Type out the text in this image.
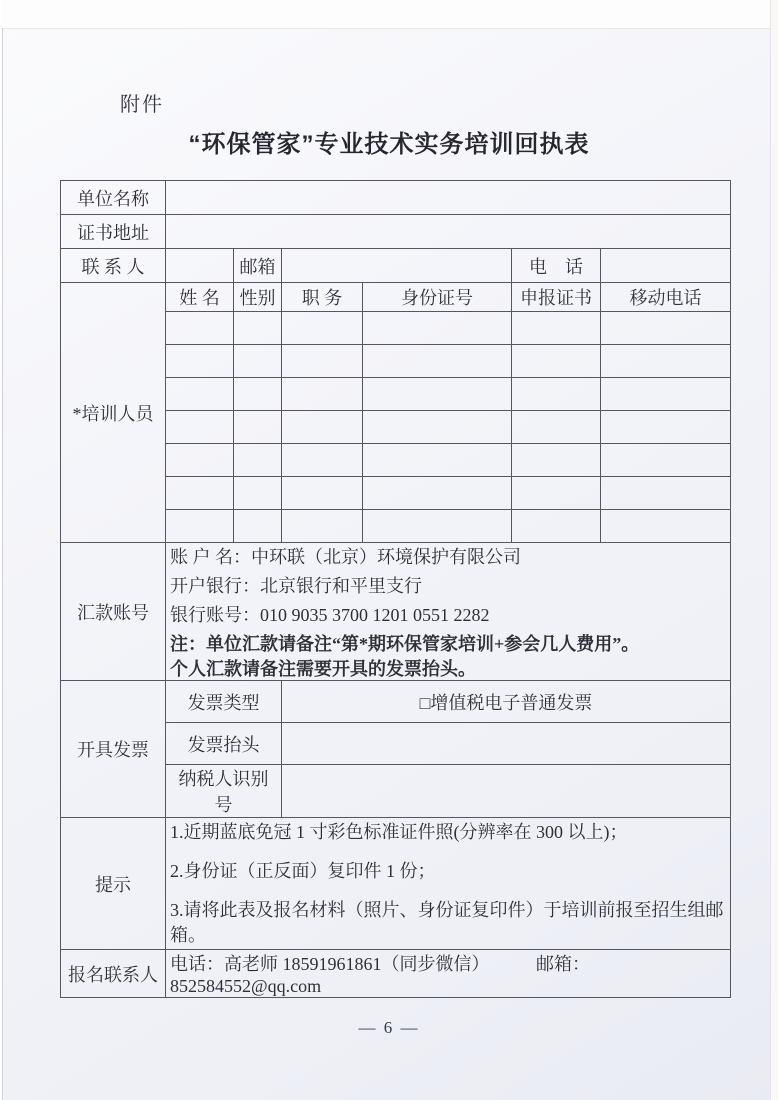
附件
“环保管家”专业技术实务培训回执表
单位名称						
证书地址						
联 系 人		邮箱			电　话	
*培训人员	姓 名	性别	职 务	身份证号	申报证书	移动电话

汇款账号	账 户 名：中环联（北京）环境保护有限公司
开户银行：北京银行和平里支行
银行账号：010 9035 3700 1201 0551 2282
注：单位汇款请备注“第*期环保管家培训+参会几人费用”。
个人汇款请备注需要开具的发票抬头。					

开具发票	发票类型		□增值税电子普通发票			
	发票抬头					
	纳税人识别号					
提示	1.近期蓝底免冠 1 寸彩色标准证件照(分辨率在 300 以上)；
2.身份证（正反面）复印件 1 份；
3.请将此表及报名材料（照片、身份证复印件）于培训前报至招生组邮箱。					

报名联系人	电话：高老师 18591961861（同步微信） 邮箱：852584552@qq.com					
— 6 —
